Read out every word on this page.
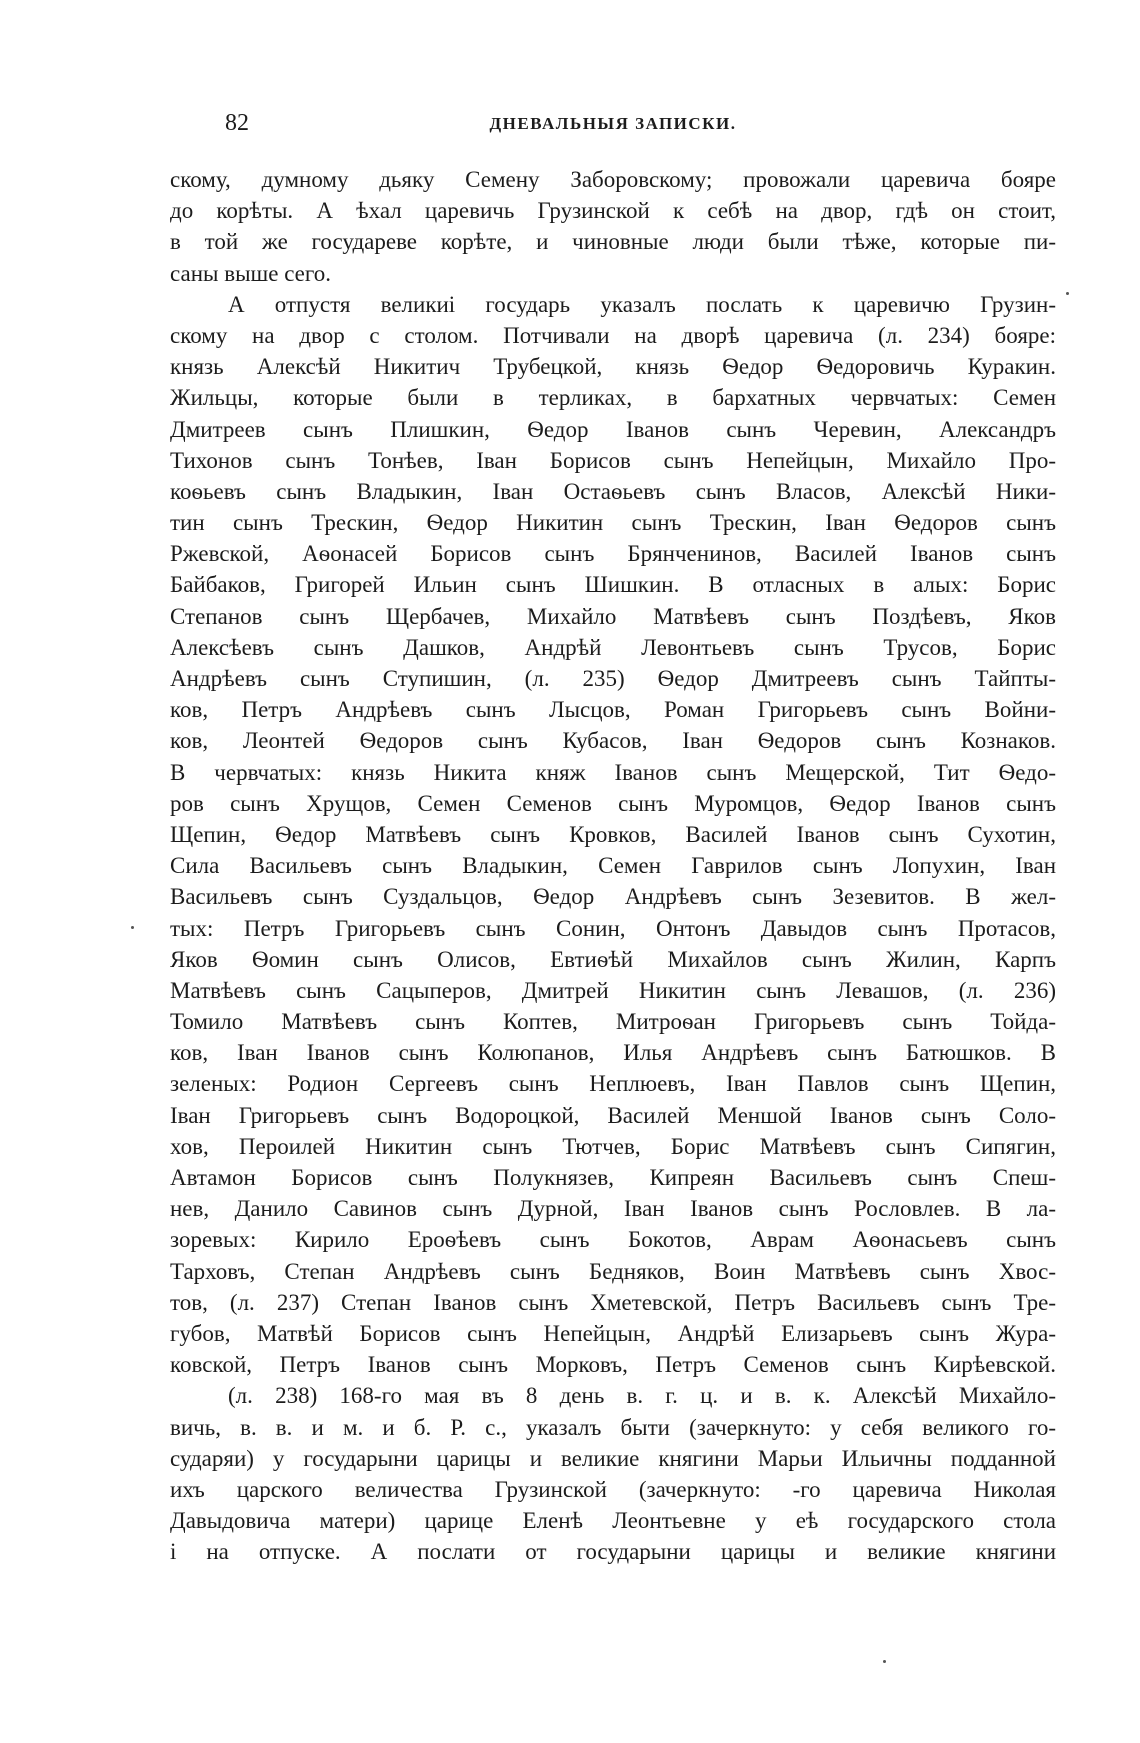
82	ДНЕВАЛЬНЫЯ ЗАПИСКИ.
скому, думному дьяку Семену Заборовскому; провожали царевича бояре
до корѣты. А ѣхал царевичь Грузинской к себѣ на двор, гдѣ он стоит,
в той же государеве корѣте, и чиновные люди были тѣже, которые пи-
саны выше сего.
А отпустя великиі государь указалъ послать к царевичю Грузин-
скому на двор с столом. Потчивали на дворѣ царевича (л. 234) бояре:
князь Алексѣй Никитич Трубецкой, князь Ѳедор Ѳедоровичь Куракин.
Жильцы, которые были в терликах, в бархатных червчатых: Семен
Дмитреев сынъ Плишкин, Ѳедор Іванов сынъ Черевин, Александръ
Тихонов сынъ Тонѣев, Іван Борисов сынъ Непейцын, Михайло Про-
коѳьевъ сынъ Владыкин, Іван Остаѳьевъ сынъ Власов, Алексѣй Ники-
тин сынъ Трескин, Ѳедор Никитин сынъ Трескин, Іван Ѳедоров сынъ
Ржевской, Аѳонасей Борисов сынъ Брянченинов, Василей Іванов сынъ
Байбаков, Григорей Ильин сынъ Шишкин. В отласных в алых: Борис
Степанов сынъ Щербачев, Михайло Матвѣевъ сынъ Поздѣевъ, Яков
Алексѣевъ сынъ Дашков, Андрѣй Левонтьевъ сынъ Трусов, Борис
Андрѣевъ сынъ Ступишин, (л. 235) Ѳедор Дмитреевъ сынъ Тайпты-
ков, Петръ Андрѣевъ сынъ Лысцов, Роман Григорьевъ сынъ Войни-
ков, Леонтей Ѳедоров сынъ Кубасов, Іван Ѳедоров сынъ Кознаков.
В червчатых: князь Никита княж Іванов сынъ Мещерской, Тит Ѳедо-
ров сынъ Хрущов, Семен Семенов сынъ Муромцов, Ѳедор Іванов сынъ
Щепин, Ѳедор Матвѣевъ сынъ Кровков, Василей Іванов сынъ Сухотин,
Сила Васильевъ сынъ Владыкин, Семен Гаврилов сынъ Лопухин, Іван
Васильевъ сынъ Суздальцов, Ѳедор Андрѣевъ сынъ Зезевитов. В жел-
тых: Петръ Григорьевъ сынъ Сонин, Онтонъ Давыдов сынъ Протасов,
Яков Ѳомин сынъ Олисов, Евтиѳѣй Михайлов сынъ Жилин, Карпъ
Матвѣевъ сынъ Сацыперов, Дмитрей Никитин сынъ Левашов, (л. 236)
Томило Матвѣевъ сынъ Коптев, Митроѳан Григорьевъ сынъ Тойда-
ков, Іван Іванов сынъ Колюпанов, Илья Андрѣевъ сынъ Батюшков. В
зеленых: Родион Сергеевъ сынъ Неплюевъ, Іван Павлов сынъ Щепин,
Іван Григорьевъ сынъ Водороцкой, Василей Меншой Іванов сынъ Соло-
хов, Пероилей Никитин сынъ Тютчев, Борис Матвѣевъ сынъ Сипягин,
Автамон Борисов сынъ Полукнязев, Кипреян Васильевъ сынъ Спеш-
нев, Данило Савинов сынъ Дурной, Іван Іванов сынъ Рословлев. В ла-
зоревых: Кирило Ероѳѣевъ сынъ Бокотов, Аврам Аѳонасьевъ сынъ
Тарховъ, Степан Андрѣевъ сынъ Бедняков, Воин Матвѣевъ сынъ Хвос-
тов, (л. 237) Степан Іванов сынъ Хметевской, Петръ Васильевъ сынъ Тре-
губов, Матвѣй Борисов сынъ Непейцын, Андрѣй Елизарьевъ сынъ Жура-
ковской, Петръ Іванов сынъ Морковъ, Петръ Семенов сынъ Кирѣевской.
(л. 238) 168-го мая въ 8 день в. г. ц. и в. к. Алексѣй Михайло-
вичь, в. в. и м. и б. Р. с., указалъ быти (зачеркнуто: у себя великого го-
сударяи) у государыни царицы и великие княгини Марьи Ильичны подданной
ихъ царского величества Грузинской (зачеркнуто: -го царевича Николая
Давыдовича матери) царице Еленѣ Леонтьевне у еѣ государского стола
і на отпуске. А послати от государыни царицы и великие княгини
